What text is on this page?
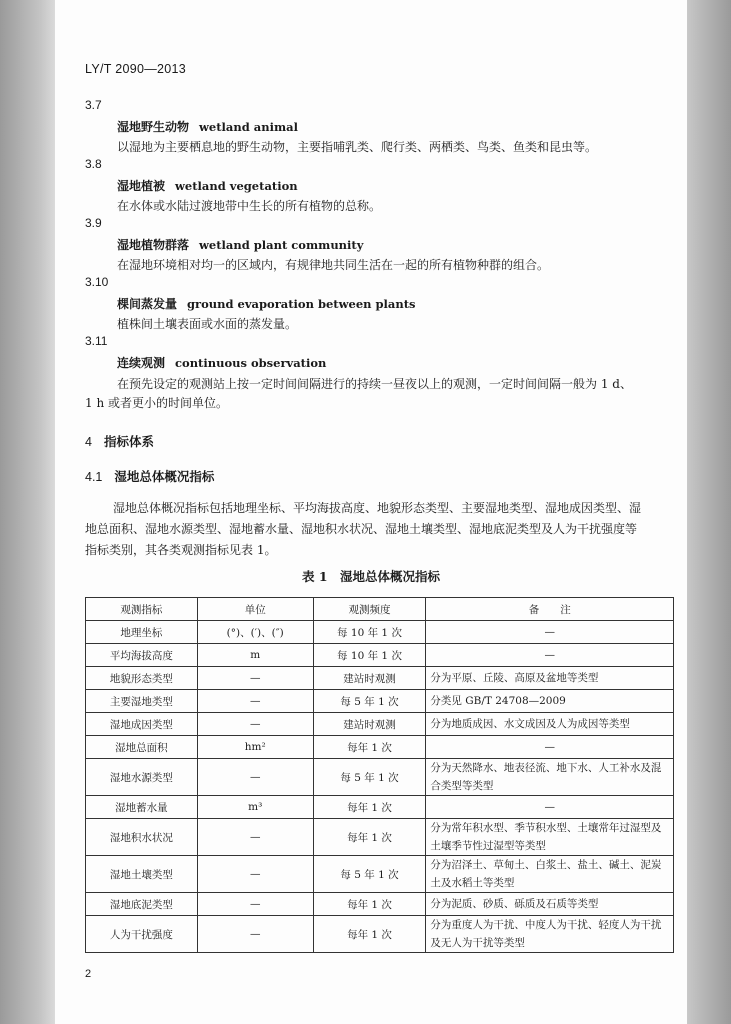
LY/T 2090—2013
3.7
湿地野生动物 wetland animal
以湿地为主要栖息地的野生动物，主要指哺乳类、爬行类、两栖类、鸟类、鱼类和昆虫等。
3.8
湿地植被 wetland vegetation
在水体或水陆过渡地带中生长的所有植物的总称。
3.9
湿地植物群落 wetland plant community
在湿地环境相对均一的区域内，有规律地共同生活在一起的所有植物种群的组合。
3.10
棵间蒸发量 ground evaporation between plants
植株间土壤表面或水面的蒸发量。
3.11
连续观测 continuous observation
在预先设定的观测站上按一定时间间隔进行的持续一昼夜以上的观测，一定时间间隔一般为 1 d、
1 h 或者更小的时间单位。
4 指标体系
4.1 湿地总体概况指标

湿地总体概况指标包括地理坐标、平均海拔高度、地貌形态类型、主要湿地类型、湿地成因类型、湿

地总面积、湿地水源类型、湿地蓄水量、湿地积水状况、湿地土壤类型、湿地底泥类型及人为干扰强度等

指标类别，其各类观测指标见表 1。

表 1　湿地总体概况指标
观测指标	单位	观测频度	备　　注
地理坐标	(°)、(′)、(″)	每 10 年 1 次	—
平均海拔高度	m	每 10 年 1 次	—
地貌形态类型	—	建站时观测	分为平原、丘陵、高原及盆地等类型
主要湿地类型	—	每 5 年 1 次	分类见 GB/T 24708—2009
湿地成因类型	—	建站时观测	分为地质成因、水文成因及人为成因等类型
湿地总面积	hm²	每年 1 次	—
湿地水源类型	—	每 5 年 1 次	分为天然降水、地表径流、地下水、人工补水及混合类型等类型
湿地蓄水量	m³	每年 1 次	—
湿地积水状况	—	每年 1 次	分为常年积水型、季节积水型、土壤常年过湿型及土壤季节性过湿型等类型
湿地土壤类型	—	每 5 年 1 次	分为沼泽土、草甸土、白浆土、盐土、碱土、泥炭土及水稻土等类型
湿地底泥类型	—	每年 1 次	分为泥质、砂质、砾质及石质等类型
人为干扰强度	—	每年 1 次	分为重度人为干扰、中度人为干扰、轻度人为干扰及无人为干扰等类型
2
